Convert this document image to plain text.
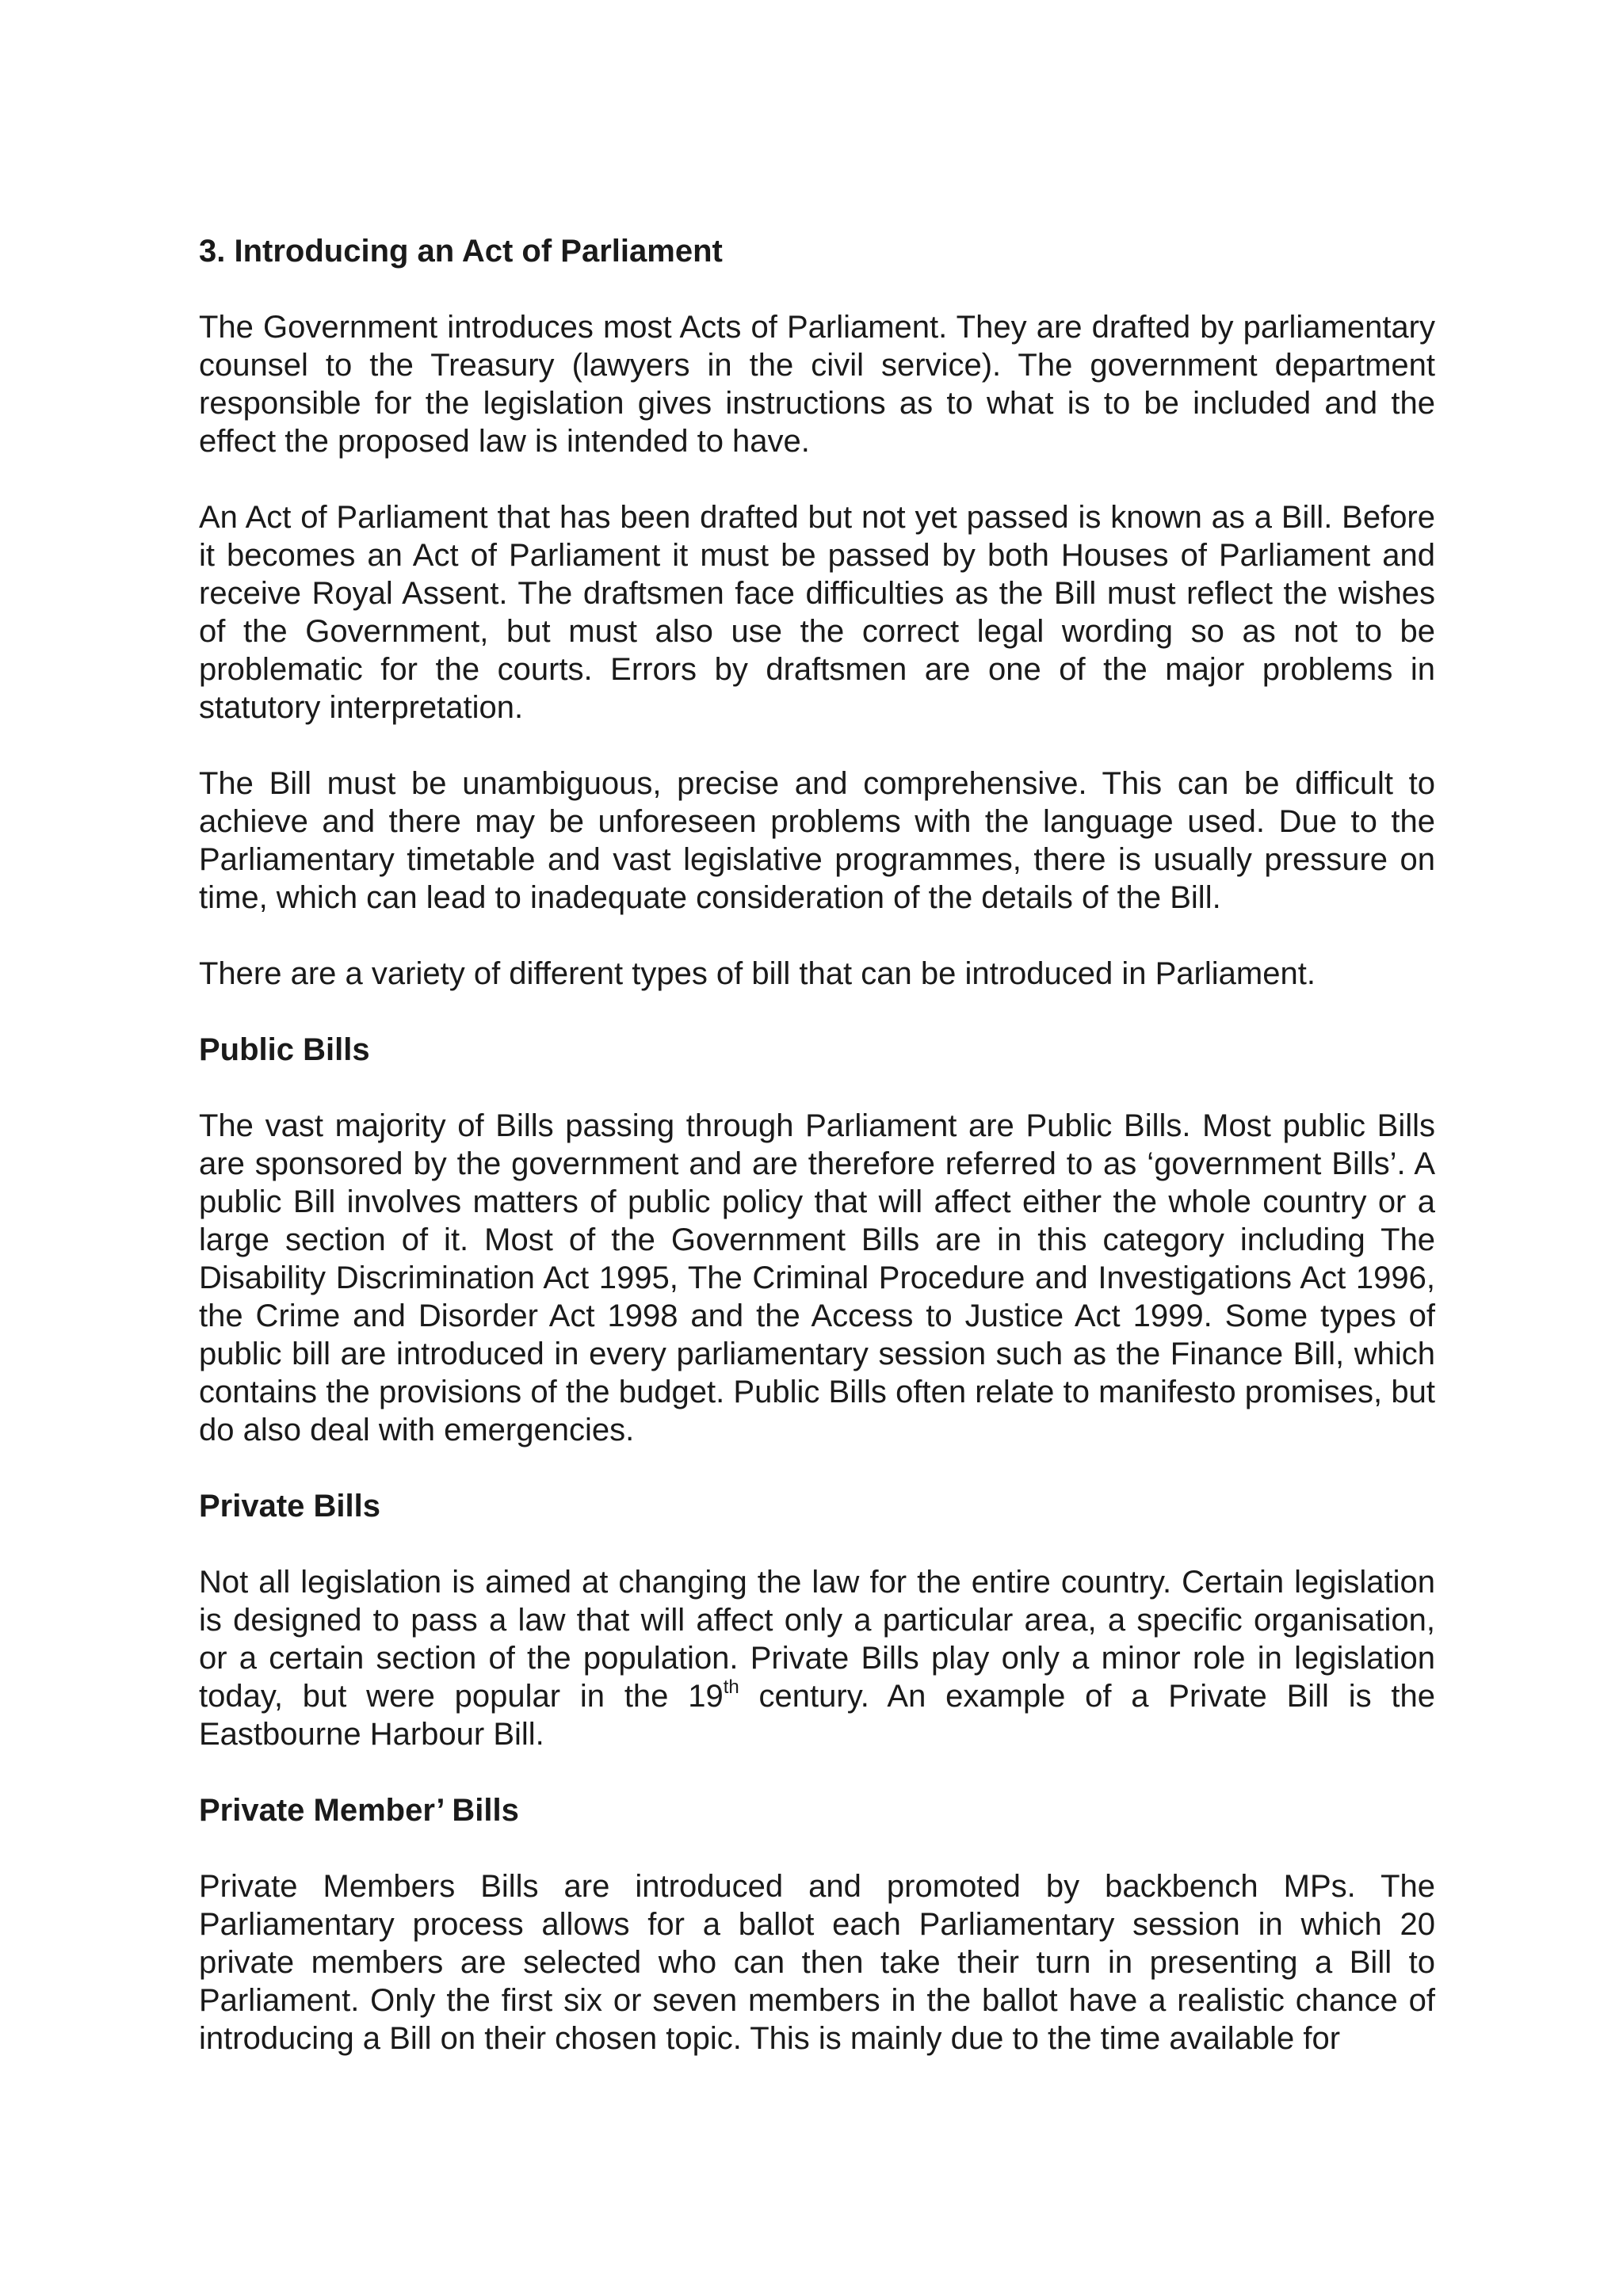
3. Introducing an Act of Parliament

The Government introduces most Acts of Parliament. They are drafted by parliamentary counsel to the Treasury (lawyers in the civil service). The government department responsible for the legislation gives instructions as to what is to be included and the effect the proposed law is intended to have.

An Act of Parliament that has been drafted but not yet passed is known as a Bill. Before it becomes an Act of Parliament it must be passed by both Houses of Parliament and receive Royal Assent. The draftsmen face difficulties as the Bill must reflect the wishes of the Government, but must also use the correct legal wording so as not to be problematic for the courts. Errors by draftsmen are one of the major problems in statutory interpretation.

The Bill must be unambiguous, precise and comprehensive. This can be difficult to achieve and there may be unforeseen problems with the language used. Due to the Parliamentary timetable and vast legislative programmes, there is usually pressure on time, which can lead to inadequate consideration of the details of the Bill.

There are a variety of different types of bill that can be introduced in Parliament.

Public Bills

The vast majority of Bills passing through Parliament are Public Bills. Most public Bills are sponsored by the government and are therefore referred to as ‘government Bills’. A public Bill involves matters of public policy that will affect either the whole country or a large section of it. Most of the Government Bills are in this category including The Disability Discrimination Act 1995, The Criminal Procedure and Investigations Act 1996, the Crime and Disorder Act 1998 and the Access to Justice Act 1999. Some types of public bill are introduced in every parliamentary session such as the Finance Bill, which contains the provisions of the budget. Public Bills often relate to manifesto promises, but do also deal with emergencies.

Private Bills

Not all legislation is aimed at changing the law for the entire country. Certain legislation is designed to pass a law that will affect only a particular area, a specific organisation, or a certain section of the population. Private Bills play only a minor role in legislation today, but were popular in the 19th century. An example of a Private Bill is the Eastbourne Harbour Bill.

Private Member’ Bills

Private Members Bills are introduced and promoted by backbench MPs. The Parliamentary process allows for a ballot each Parliamentary session in which 20 private members are selected who can then take their turn in presenting a Bill to Parliament. Only the first six or seven members in the ballot have a realistic chance of introducing a Bill on their chosen topic. This is mainly due to the time available for
